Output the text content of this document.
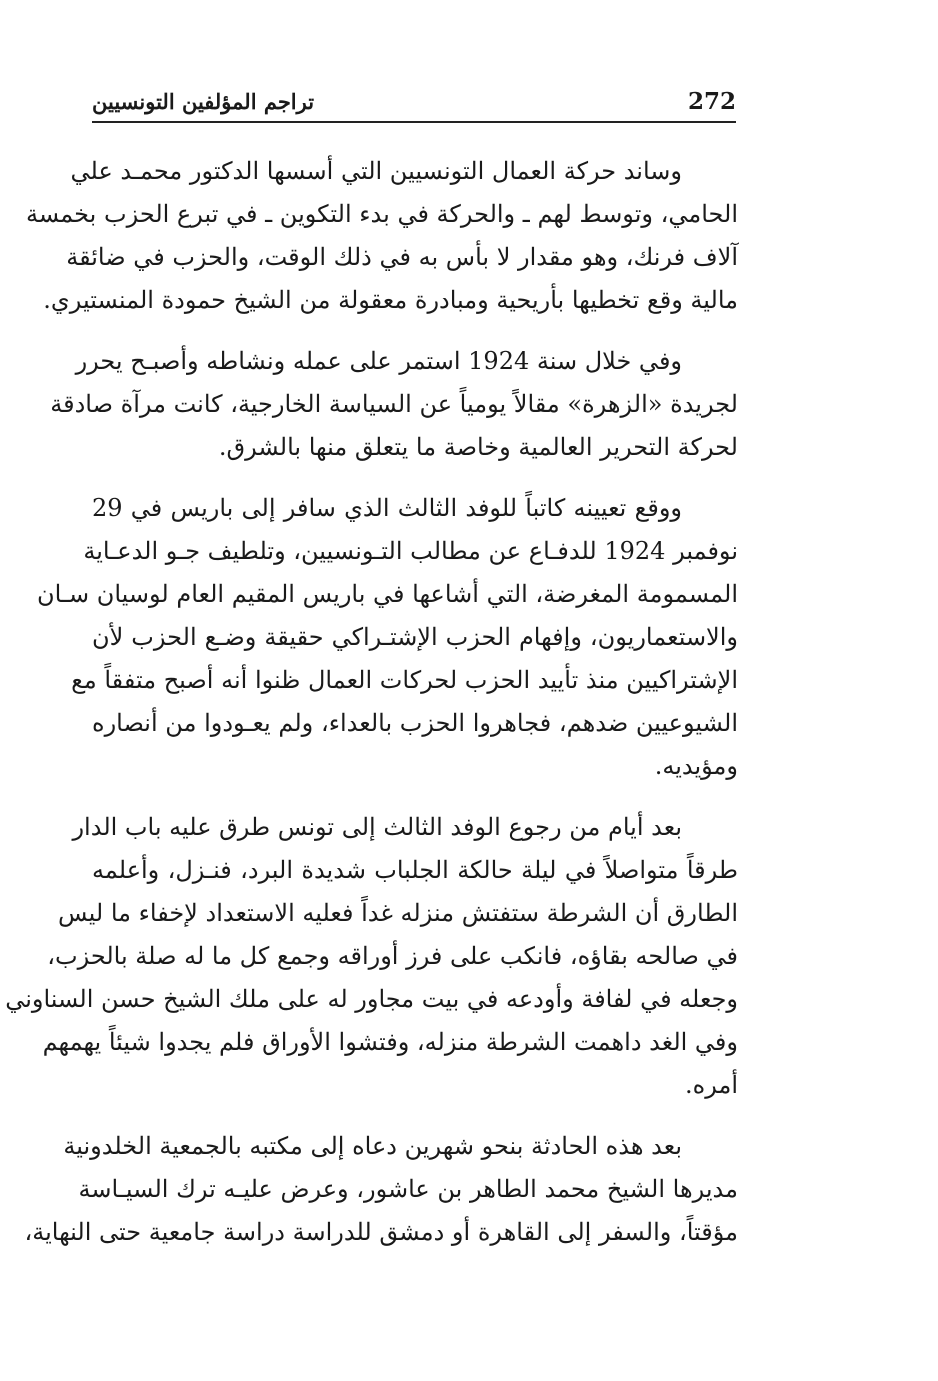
272
تراجم المؤلفين التونسيين
وساند حركة العمال التونسيين التي أسسها الدكتور محمـد علي
الحامي، وتوسط لهم ـ والحركة في بدء التكوين ـ في تبرع الحزب بخمسة
آلاف فرنك، وهو مقدار لا بأس به في ذلك الوقت، والحزب في ضائقة
مالية وقع تخطيها بأريحية ومبادرة معقولة من الشيخ حمودة المنستيري.
وفي خلال سنة 1924 استمر على عمله ونشاطه وأصبـح يحرر
لجريدة «الزهرة» مقالاً يومياً عن السياسة الخارجية، كانت مرآة صادقة
لحركة التحرير العالمية وخاصة ما يتعلق منها بالشرق.
ووقع تعيينه كاتباً للوفد الثالث الذي سافر إلى باريس في 29
نوفمبر 1924 للدفـاع عن مطالب التـونسيين، وتلطيف جـو الدعـاية
المسمومة المغرضة، التي أشاعها في باريس المقيم العام لوسيان سـان
والاستعماريون، وإفهام الحزب الإشتـراكي حقيقة وضـع الحزب لأن
الإشتراكيين منذ تأييد الحزب لحركات العمال ظنوا أنه أصبح متفقاً مع
الشيوعيين ضدهم، فجاهروا الحزب بالعداء، ولم يعـودوا من أنصاره
ومؤيديه.
بعد أيام من رجوع الوفد الثالث إلى تونس طرق عليه باب الدار
طرقاً متواصلاً في ليلة حالكة الجلباب شديدة البرد، فنـزل، وأعلمه
الطارق أن الشرطة ستفتش منزله غداً فعليه الاستعداد لإخفاء ما ليس
في صالحه بقاؤه، فانكب على فرز أوراقه وجمع كل ما له صلة بالحزب،
وجعله في لفافة وأودعه في بيت مجاور له على ملك الشيخ حسن السناوني
وفي الغد داهمت الشرطة منزله، وفتشوا الأوراق فلم يجدوا شيئاً يهمهم
أمره.
بعد هذه الحادثة بنحو شهرين دعاه إلى مكتبه بالجمعية الخلدونية
مديرها الشيخ محمد الطاهر بن عاشور، وعرض عليـه ترك السيـاسة
مؤقتاً، والسفر إلى القاهرة أو دمشق للدراسة دراسة جامعية حتى النهاية،
